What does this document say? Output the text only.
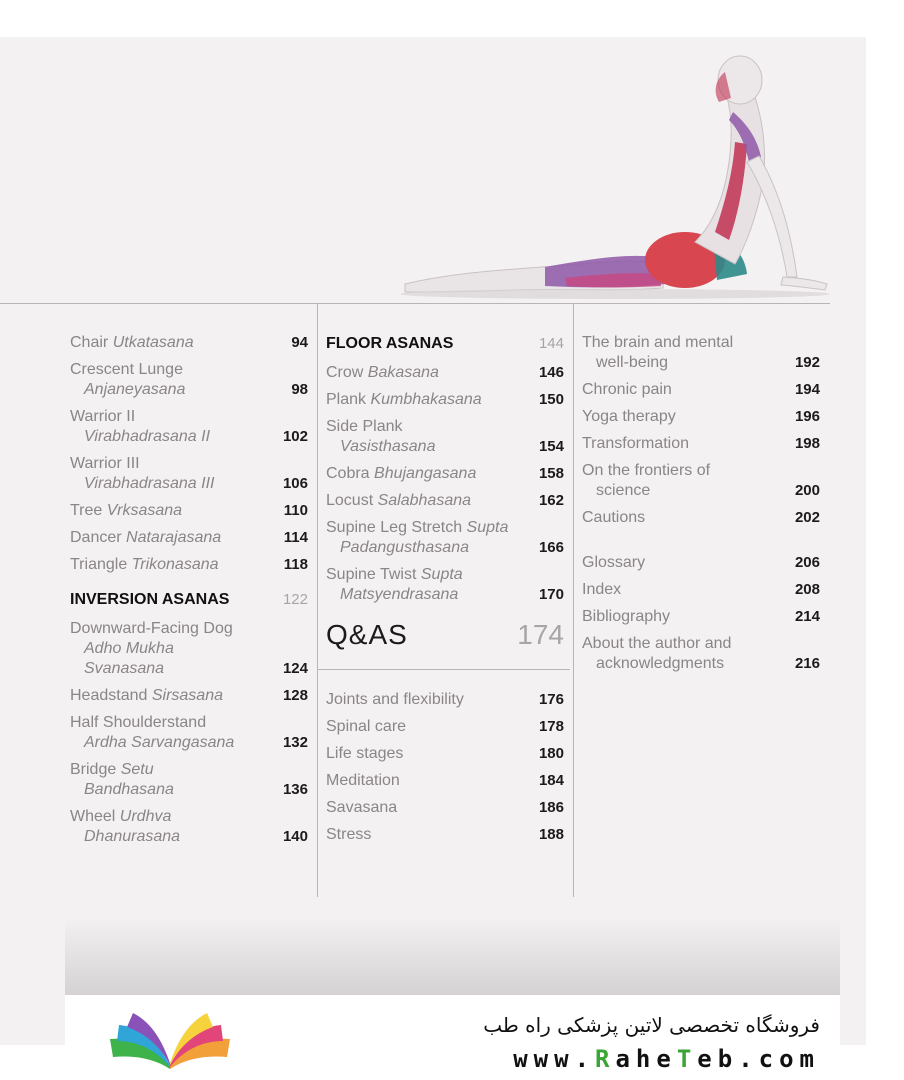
Chair Utkatasana	94
Crescent Lunge
Anjaneyasana	98
Warrior II
Virabhadrasana II	102
Warrior III
Virabhadrasana III	106
Tree Vrksasana	110
Dancer Natarajasana	114
Triangle Trikonasana	118
INVERSION ASANAS	122
Downward-Facing Dog
Adho Mukha
Svanasana	124
Headstand Sirsasana	128
Half Shoulderstand
Ardha Sarvangasana	132
Bridge Setu
Bandhasana	136
Wheel Urdhva
Dhanurasana	140
FLOOR ASANAS	144
Crow Bakasana	146
Plank Kumbhakasana	150
Side Plank
Vasisthasana	154
Cobra Bhujangasana	158
Locust Salabhasana	162
Supine Leg Stretch Supta
Padangusthasana	166
Supine Twist Supta
Matsyendrasana	170
Q&AS	174
Joints and flexibility	176
Spinal care	178
Life stages	180
Meditation	184
Savasana	186
Stress	188
The brain and mental
well-being	192
Chronic pain	194
Yoga therapy	196
Transformation	198
On the frontiers of
science	200
Cautions	202
Glossary	206
Index	208
Bibliography	214
About the author and
acknowledgments	216
فروشگاه تخصصی لاتین پزشکی راه طب
www.RaheTeb.com
